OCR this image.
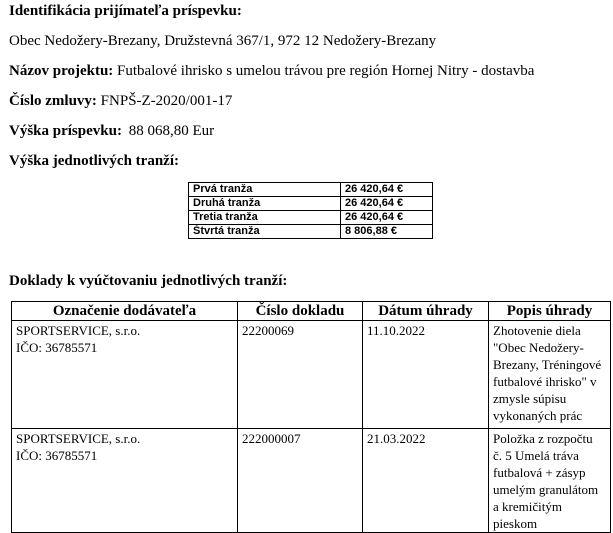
Identifikácia prijímateľa príspevku:
Obec Nedožery-Brezany, Družstevná 367/1, 972 12 Nedožery-Brezany
Názov projektu: Futbalové ihrisko s umelou trávou pre región Hornej Nitry - dostavba
Číslo zmluvy: FNPŠ-Z-2020/001-17
Výška príspevku: 88 068,80 Eur
Výška jednotlivých tranží:
Prvá tranža	26 420,64 €
Druhá tranža	26 420,64 €
Tretia tranža	26 420,64 €
Štvrtá tranža	8 806,88 €
Doklady k vyúčtovaniu jednotlivých tranží:
Označenie dodávateľa	Číslo dokladu	Dátum úhrady	Popis úhrady

SPORTSERVICE, s.r.o.
IČO: 36785571	22200069	11.10.2022	Zhotovenie diela "Obec Nedožery-Brezany, Tréningové futbalové ihrisko" v zmysle súpisu vykonaných prác

SPORTSERVICE, s.r.o.
IČO: 36785571	222000007	21.03.2022	Položka z rozpočtu č. 5 Umelá tráva futbalová + zásyp umelým granulátom a kremičitým pieskom
